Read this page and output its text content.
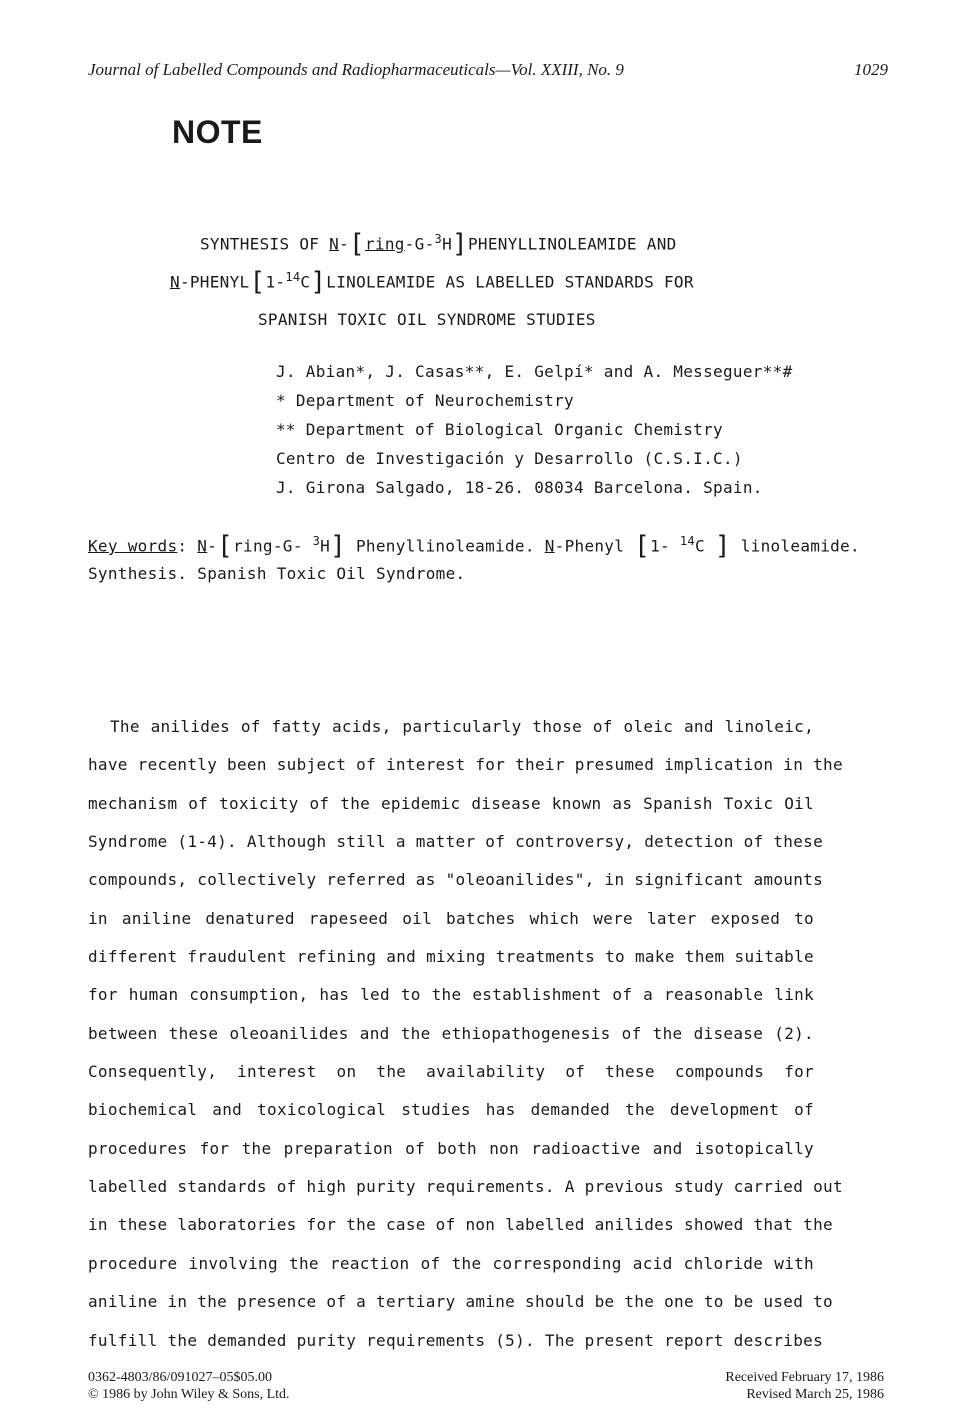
Journal of Labelled Compounds and Radiopharmaceuticals—Vol. XXIII, No. 9	1029
NOTE
SYNTHESIS OF N-[ring-G-$^3$H]PHENYLLINOLEAMIDE AND
N-PHENYL[1-$^{14}$C]LINOLEAMIDE AS LABELLED STANDARDS FOR
SPANISH TOXIC OIL SYNDROME STUDIES
J. Abian*, J. Casas**, E. Gelpí* and A. Messeguer**#
* Department of Neurochemistry
** Department of Biological Organic Chemistry
Centro de Investigación y Desarrollo (C.S.I.C.)
J. Girona Salgado, 18-26. 08034 Barcelona. Spain.
Key words: N-[ring-G- $^3$H] Phenyllinoleamide. N-Phenyl [1- $^{14}$C ] linoleamide.
Synthesis. Spanish Toxic Oil Syndrome.
The anilides of fatty acids, particularly those of oleic and linoleic,
have recently been subject of interest for their presumed implication in the
mechanism of toxicity of the epidemic disease known as Spanish Toxic Oil
Syndrome (1-4). Although still a matter of controversy, detection of these
compounds, collectively referred as "oleoanilides", in significant amounts
in aniline denatured rapeseed oil batches which were later exposed to
different fraudulent refining and mixing treatments to make them suitable
for human consumption, has led to the establishment of a reasonable link
between these oleoanilides and the ethiopathogenesis of the disease (2).
Consequently, interest on the availability of these compounds for
biochemical and toxicological studies has demanded the development of
procedures for the preparation of both non radioactive and isotopically
labelled standards of high purity requirements. A previous study carried out
in these laboratories for the case of non labelled anilides showed that the
procedure involving the reaction of the corresponding acid chloride with
aniline in the presence of a tertiary amine should be the one to be used to
fulfill the demanded purity requirements (5). The present report describes
0362-4803/86/091027–05$05.00
© 1986 by John Wiley & Sons, Ltd.
Received February 17, 1986
Revised March 25, 1986
